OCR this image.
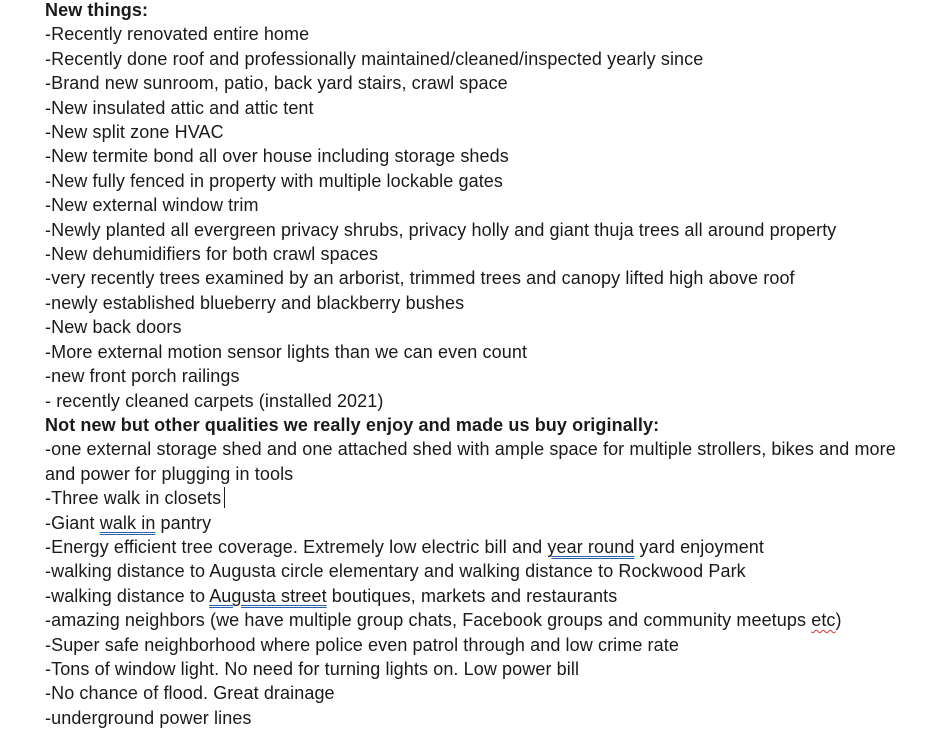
New things:
-Recently renovated entire home
-Recently done roof and professionally maintained/cleaned/inspected yearly since
-Brand new sunroom, patio, back yard stairs, crawl space
-New insulated attic and attic tent
-New split zone HVAC
-New termite bond all over house including storage sheds
-New fully fenced in property with multiple lockable gates
-New external window trim
-Newly planted all evergreen privacy shrubs, privacy holly and giant thuja trees all around property
-New dehumidifiers for both crawl spaces
-very recently trees examined by an arborist, trimmed trees and canopy lifted high above roof
-newly established blueberry and blackberry bushes
-New back doors
-More external motion sensor lights than we can even count
-new front porch railings
- recently cleaned carpets (installed 2021)
Not new but other qualities we really enjoy and made us buy originally:
-one external storage shed and one attached shed with ample space for multiple strollers, bikes and more and power for plugging in tools
-Three walk in closets
-Giant walk in pantry
-Energy efficient tree coverage. Extremely low electric bill and year round yard enjoyment
-walking distance to Augusta circle elementary and walking distance to Rockwood Park
-walking distance to Augusta street boutiques, markets and restaurants
-amazing neighbors (we have multiple group chats, Facebook groups and community meetups etc)
-Super safe neighborhood where police even patrol through and low crime rate
-Tons of window light. No need for turning lights on. Low power bill
-No chance of flood. Great drainage
-underground power lines
